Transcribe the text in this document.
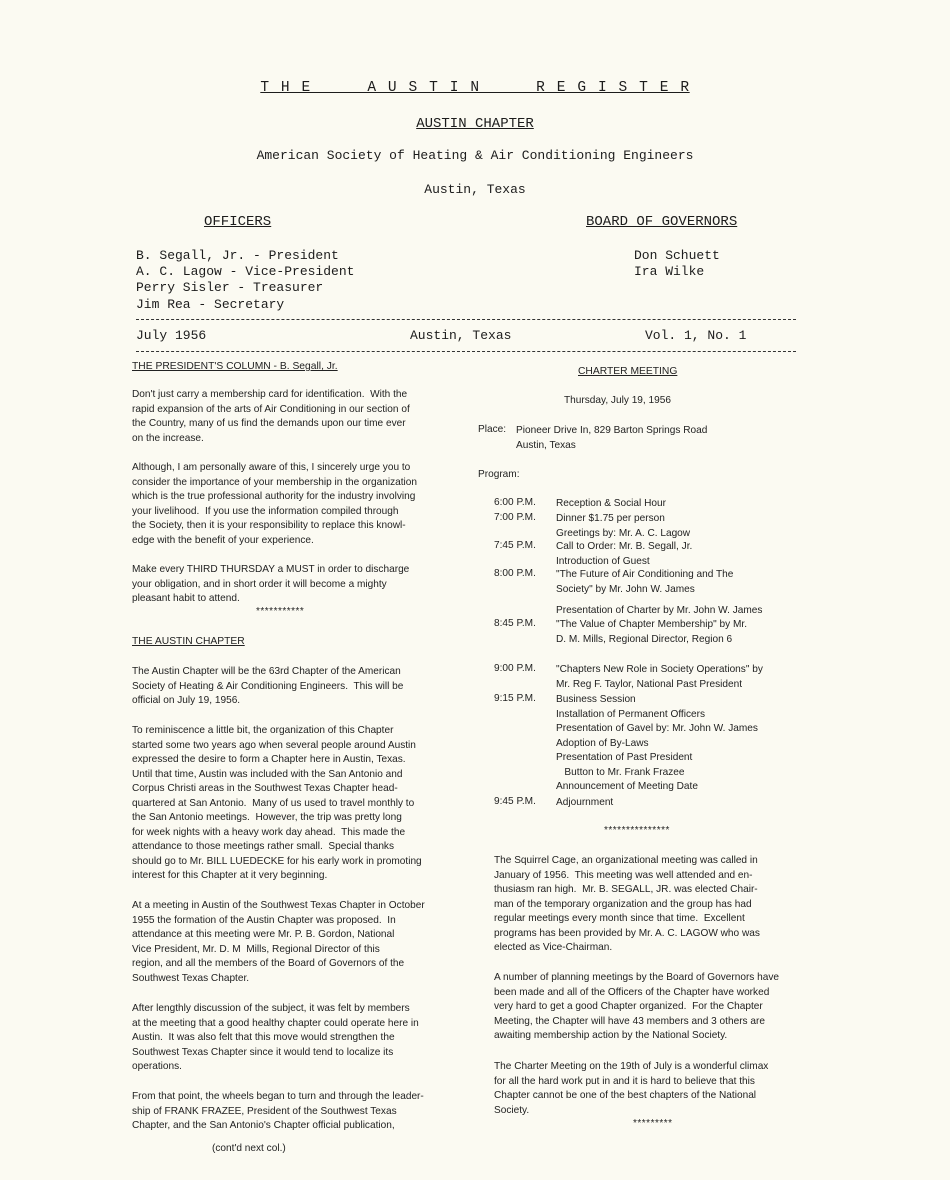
T H E     A U S T I N     R E G I S T E R
AUSTIN CHAPTER
American Society of Heating & Air Conditioning Engineers
Austin, Texas
OFFICERS	BOARD OF GOVERNORS
B. Segall, Jr. - President
A. C. Lagow - Vice-President
Perry Sisler - Treasurer
Jim Rea - Secretary
Don Schuett
Ira Wilke
July 1956	Austin, Texas	Vol. 1, No. 1
THE PRESIDENT'S COLUMN - B. Segall, Jr.
Don't just carry a membership card for identification.  With the
rapid expansion of the arts of Air Conditioning in our section of
the Country, many of us find the demands upon our time ever
on the increase.
Although, I am personally aware of this, I sincerely urge you to
consider the importance of your membership in the organization
which is the true professional authority for the industry involving
your livelihood.  If you use the information compiled through
the Society, then it is your responsibility to replace this knowl-
edge with the benefit of your experience.
Make every THIRD THURSDAY a MUST in order to discharge
your obligation, and in short order it will become a mighty
pleasant habit to attend.
***********
THE AUSTIN CHAPTER
The Austin Chapter will be the 63rd Chapter of the American
Society of Heating & Air Conditioning Engineers.  This will be
official on July 19, 1956.
To reminiscence a little bit, the organization of this Chapter
started some two years ago when several people around Austin
expressed the desire to form a Chapter here in Austin, Texas.
Until that time, Austin was included with the San Antonio and
Corpus Christi areas in the Southwest Texas Chapter head-
quartered at San Antonio.  Many of us used to travel monthly to
the San Antonio meetings.  However, the trip was pretty long
for week nights with a heavy work day ahead.  This made the
attendance to those meetings rather small.  Special thanks
should go to Mr. BILL LUEDECKE for his early work in promoting
interest for this Chapter at it very beginning.
At a meeting in Austin of the Southwest Texas Chapter in October
1955 the formation of the Austin Chapter was proposed.  In
attendance at this meeting were Mr. P. B. Gordon, National
Vice President, Mr. D. M  Mills, Regional Director of this
region, and all the members of the Board of Governors of the
Southwest Texas Chapter.
After lengthly discussion of the subject, it was felt by members
at the meeting that a good healthy chapter could operate here in
Austin.  It was also felt that this move would strengthen the
Southwest Texas Chapter since it would tend to localize its
operations.
From that point, the wheels began to turn and through the leader-
ship of FRANK FRAZEE, President of the Southwest Texas
Chapter, and the San Antonio's Chapter official publication,
(cont'd next col.)
CHARTER MEETING
Thursday, July 19, 1956
Place: Pioneer Drive In, 829 Barton Springs Road
Austin, Texas
Program:
6:00 P.M.	Reception & Social Hour
7:00 P.M.	Dinner $1.75 per person
Greetings by: Mr. A. C. Lagow
7:45 P.M.	Call to Order: Mr. B. Segall, Jr.
Introduction of Guest
8:00 P.M.	"The Future of Air Conditioning and The
Society" by Mr. John W. James
Presentation of Charter by Mr. John W. James
8:45 P.M.	"The Value of Chapter Membership" by Mr.
D. M. Mills, Regional Director, Region 6
9:00 P.M.	"Chapters New Role in Society Operations" by
Mr. Reg F. Taylor, National Past President
9:15 P.M.	Business Session
Installation of Permanent Officers
Presentation of Gavel by: Mr. John W. James
Adoption of By-Laws
Presentation of Past President
Button to Mr. Frank Frazee
Announcement of Meeting Date
9:45 P.M.	Adjournment
***************
The Squirrel Cage, an organizational meeting was called in
January of 1956.  This meeting was well attended and en-
thusiasm ran high.  Mr. B. SEGALL, JR. was elected Chair-
man of the temporary organization and the group has had
regular meetings every month since that time.  Excellent
programs has been provided by Mr. A. C. LAGOW who was
elected as Vice-Chairman.
A number of planning meetings by the Board of Governors have
been made and all of the Officers of the Chapter have worked
very hard to get a good Chapter organized.  For the Chapter
Meeting, the Chapter will have 43 members and 3 others are
awaiting membership action by the National Society.
The Charter Meeting on the 19th of July is a wonderful climax
for all the hard work put in and it is hard to believe that this
Chapter cannot be one of the best chapters of the National
Society.
*********
